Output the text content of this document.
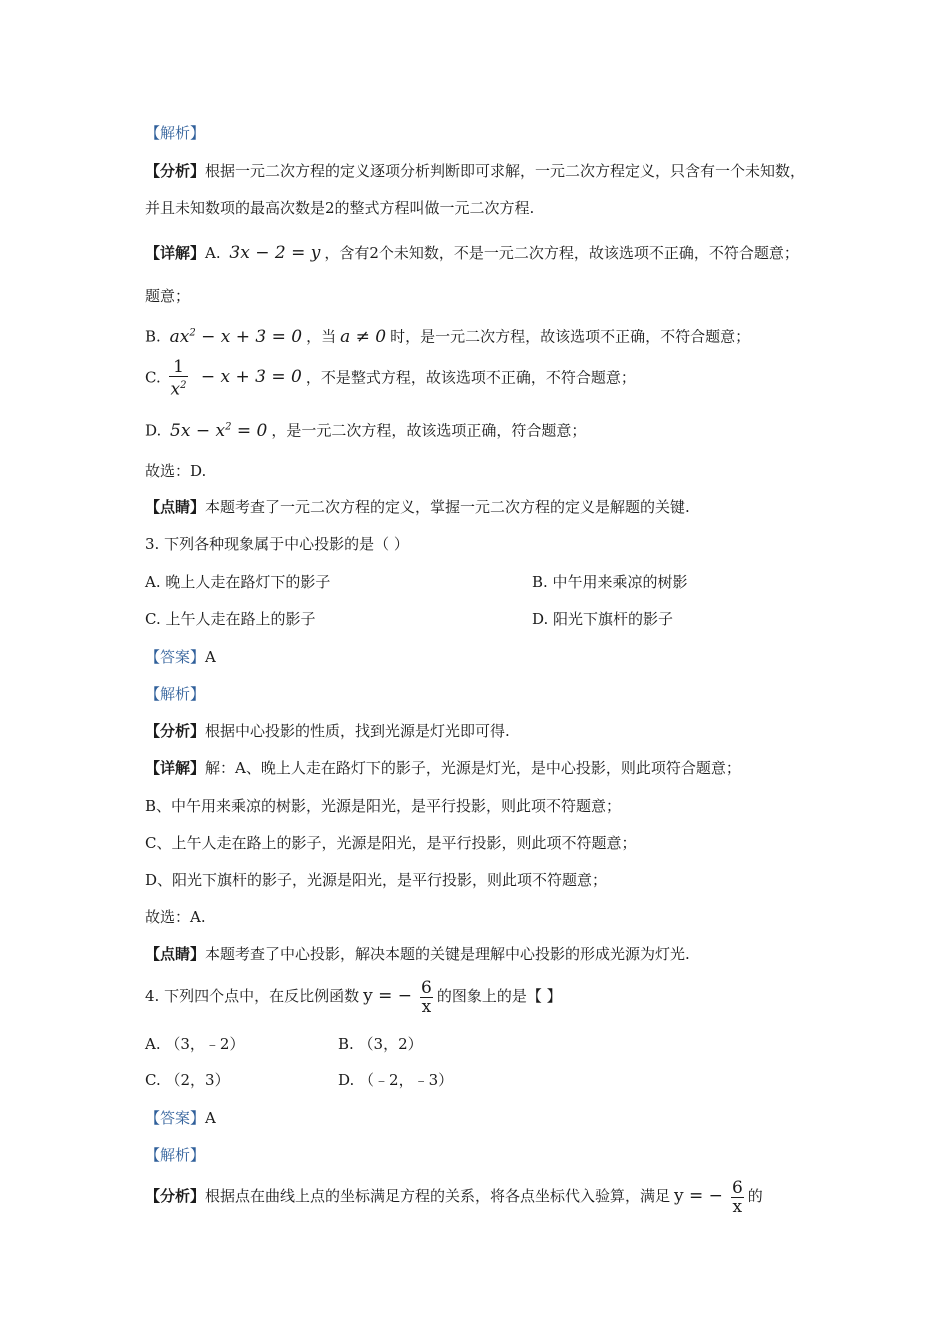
【解析】
【分析】根据一元二次方程的定义逐项分析判断即可求解，一元二次方程定义，只含有一个未知数，并且未知数项的最高次数是2的整式方程叫做一元二次方程.
【详解】A. 3x − 2 = y ，含有2个未知数，不是一元二次方程，故该选项不正确，不符合题意；
题意；
B. $ax^2 - x + 3 = 0$ ，当 a ≠ 0 时，是一元二次方程，故该选项不正确，不符合题意；
C. $\frac{1}{x^2} - x + 3 = 0$ ，不是整式方程，故该选项不正确，不符合题意；
D. $5x - x^2 = 0$ ，是一元二次方程，故该选项正确，符合题意；
故选：D.
【点睛】本题考查了一元二次方程的定义，掌握一元二次方程的定义是解题的关键.
3. 下列各种现象属于中心投影的是（ ）
A. 晚上人走在路灯下的影子	B. 中午用来乘凉的树影
C. 上午人走在路上的影子	D. 阳光下旗杆的影子
【答案】A
【解析】
【分析】根据中心投影的性质，找到光源是灯光即可得.
【详解】解：A、晚上人走在路灯下的影子，光源是灯光，是中心投影，则此项符合题意；
B、中午用来乘凉的树影，光源是阳光，是平行投影，则此项不符题意；
C、上午人走在路上的影子，光源是阳光，是平行投影，则此项不符题意；
D、阳光下旗杆的影子，光源是阳光，是平行投影，则此项不符题意；
故选：A.
【点睛】本题考查了中心投影，解决本题的关键是理解中心投影的形成光源为灯光.
4. 下列四个点中，在反比例函数 y = − $\frac{6}{x}$ 的图象上的是【 】
A. （3，﹣2）	B. （3，2）
C. （2，3）	D. （﹣2，﹣3）
【答案】A
【解析】
【分析】根据点在曲线上点的坐标满足方程的关系，将各点坐标代入验算，满足 y = − $\frac{6}{x}$ 的
